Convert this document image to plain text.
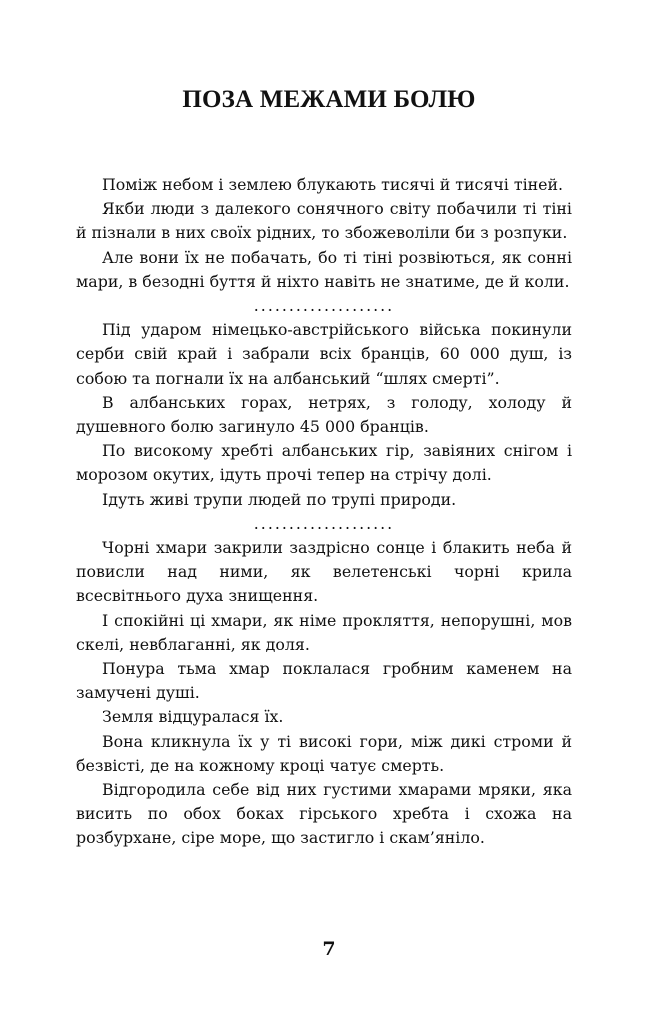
ПОЗА МЕЖАМИ БОЛЮ

Поміж небом і землею блукають тисячі й тисячі тіней.

Якби люди з далекого сонячного світу побачили ті тіні й пізнали в них своїх рідних, то збожеволіли би з розпуки.

Але вони їх не побачать, бо ті тіні розвіються, як сонні мари, в безодні буття й ніхто навіть не знатиме, де й коли.

....................

Під ударом німецько-австрійського війська покинули серби свій край і забрали всіх бранців, 60 000 душ, із собою та погнали їх на албанський “шлях смерті”.

В албанських горах, нетрях, з голоду, холоду й душевного болю загинуло 45 000 бранців.

По високому хребті албанських гір, завіяних снігом і морозом окутих, ідуть прочі тепер на стрічу долі.

Ідуть живі трупи людей по трупі природи.

....................

Чорні хмари закрили заздрісно сонце і блакить неба й повисли над ними, як велетенські чорні крила всесвітнього духа знищення.

І спокійні ці хмари, як німе прокляття, непорушні, мов скелі, невблаганні, як доля.

Понура тьма хмар поклалася гробним каменем на замучені душі.

Земля відцуралася їх.

Вона кликнула їх у ті високі гори, між дикі строми й безвісті, де на кожному кроці чатує смерть.

Відгородила себе від них густими хмарами мряки, яка висить по обох боках гірського хребта і схожа на розбурхане, сіре море, що застигло і скам’яніло.

7
